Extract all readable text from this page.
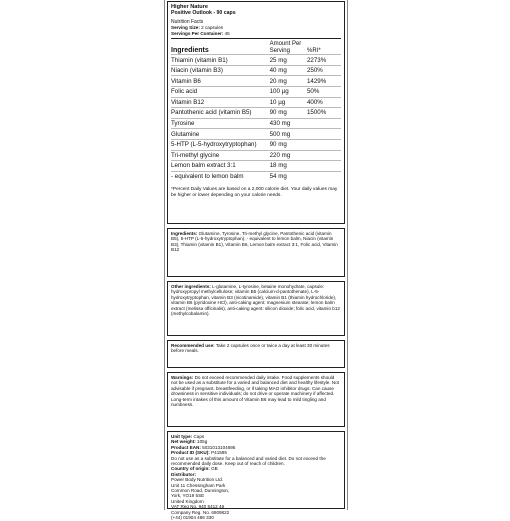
Higher Nature
Positive Outlook - 90 caps
Nutrition Facts
Serving Size: 2 capsules
Servings Per Container: 45
Ingredients	Amount Per Serving	%RI*
Thiamin (vitamin B1)	25 mg	2273%
Niacin (vitamin B3)	40 mg	250%
Vitamin B6	20 mg	1429%
Folic acid	100 µg	50%
Vitamin B12	10 µg	400%
Pantothenic acid (vitamin B5)	90 mg	1500%
Tyrosine	430 mg	
Glutamine	500 mg	
5-HTP (L-5-hydroxytryptophan)	90 mg	
Tri-methyl glycine	220 mg	
Lemon balm extract 3:1	18 mg	
- equivalent to lemon balm	54 mg	
*Percent Daily Values are based on a 2,000 calorie diet. Your daily values may be higher or lower depending on your calorie needs.
Ingredients: Glutamine, Tyrosine, Tri-methyl glycine, Pantothenic acid (vitamin B5), 5-HTP (L-5-hydroxytryptophan), - equivalent to lemon balm, Niacin (vitamin B3), Thiamin (vitamin B1), Vitamin B6, Lemon balm extract 3:1, Folic acid, Vitamin B12
Other ingredients: L-glutamine, L-tyrosine, betaine monohydrate, capsule: hydroxypropyl methylcellulose; vitamin B5 (calcium-d-pantothenate), L-5-hydroxytryptophan, vitamin B3 (nicotinamide), vitamin B1 (thiamin hydrochloride), vitamin B6 (pyridoxine HCl), anti-caking agent: magnesium stearate; lemon balm extract (melissa officinalis), anti-caking agent: silicon dioxide; folic acid, vitamin b12 (methylcobalamin).
Recommended use: Take 2 capsules once or twice a day at least 30 minutes before meals.
Warnings: Do not exceed recommended daily intake. Food supplements should not be used as a substitute for a varied and balanced diet and healthy lifestyle. Not advisable if pregnant, breastfeeding, or if taking MAO inhibitor drugs. Can cause drowsiness in sensitive individuals; do not drive or operate machinery if affected. Long-term intakes of this amount of Vitamin B6 may lead to mild tingling and numbness.
Unit type: Caps
Net weight: 105g
Product EAN: 5031013104695
Product ID (SKU): P41595
Do not use as a substitute for a balanced and varied diet. Do not exceed the recommended daily dose. Keep out of reach of children.
Country of origin: GB
Distributor:
Power Body Nutrition Ltd.
Unit 11 Chessingham Park
Common Road, Dunnington,
York, YO19 5SE
United Kingdom
VAT Reg No. 940 5412 46
Company Reg. No. 6909822
(+44) 01904 486 330
